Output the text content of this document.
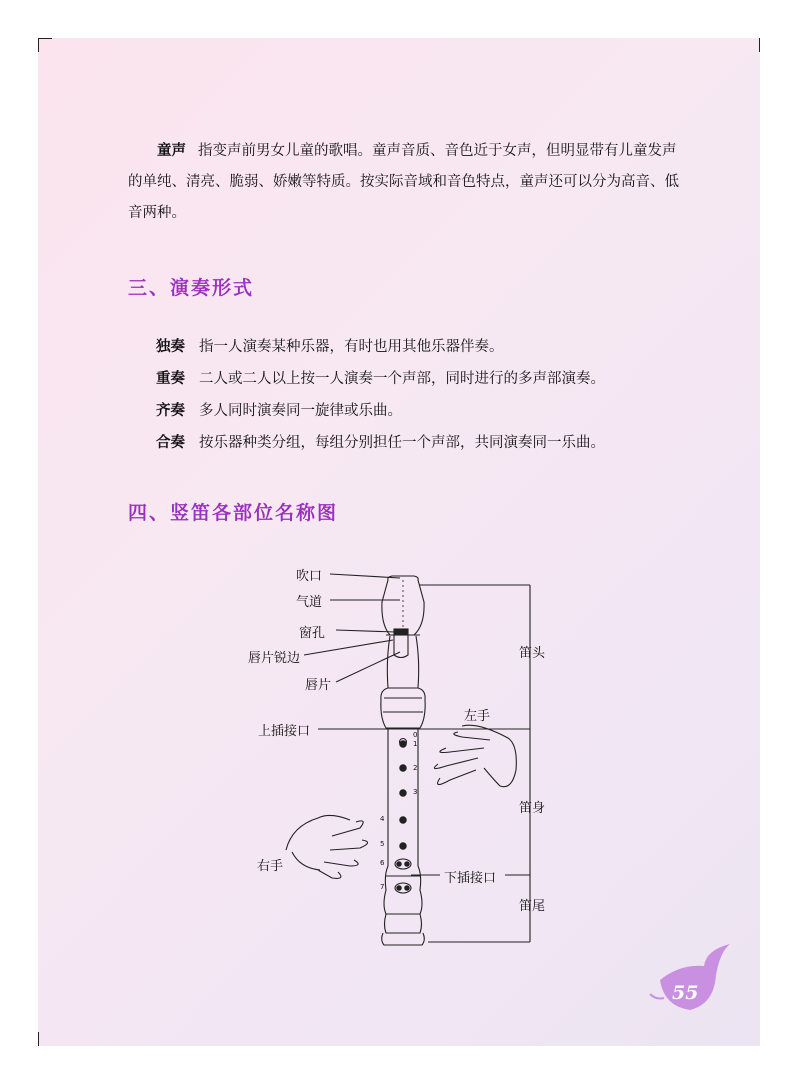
童声 指变声前男女儿童的歌唱。童声音质、音色近于女声，但明显带有儿童发声的单纯、清亮、脆弱、娇嫩等特质。按实际音域和音色特点，童声还可以分为高音、低音两种。

三、演奏形式

独奏 指一人演奏某种乐器，有时也用其他乐器伴奏。

重奏 二人或二人以上按一人演奏一个声部，同时进行的多声部演奏。

齐奏 多人同时演奏同一旋律或乐曲。

合奏 按乐器种类分组，每组分别担任一个声部，共同演奏同一乐曲。

四、竖笛各部位名称图
吹口
气道
窗孔
唇片锐边
唇片
上插接口
下插接口
左手
右手
笛头
笛身
笛尾
0
1
2
3
4
5
6
7
55
